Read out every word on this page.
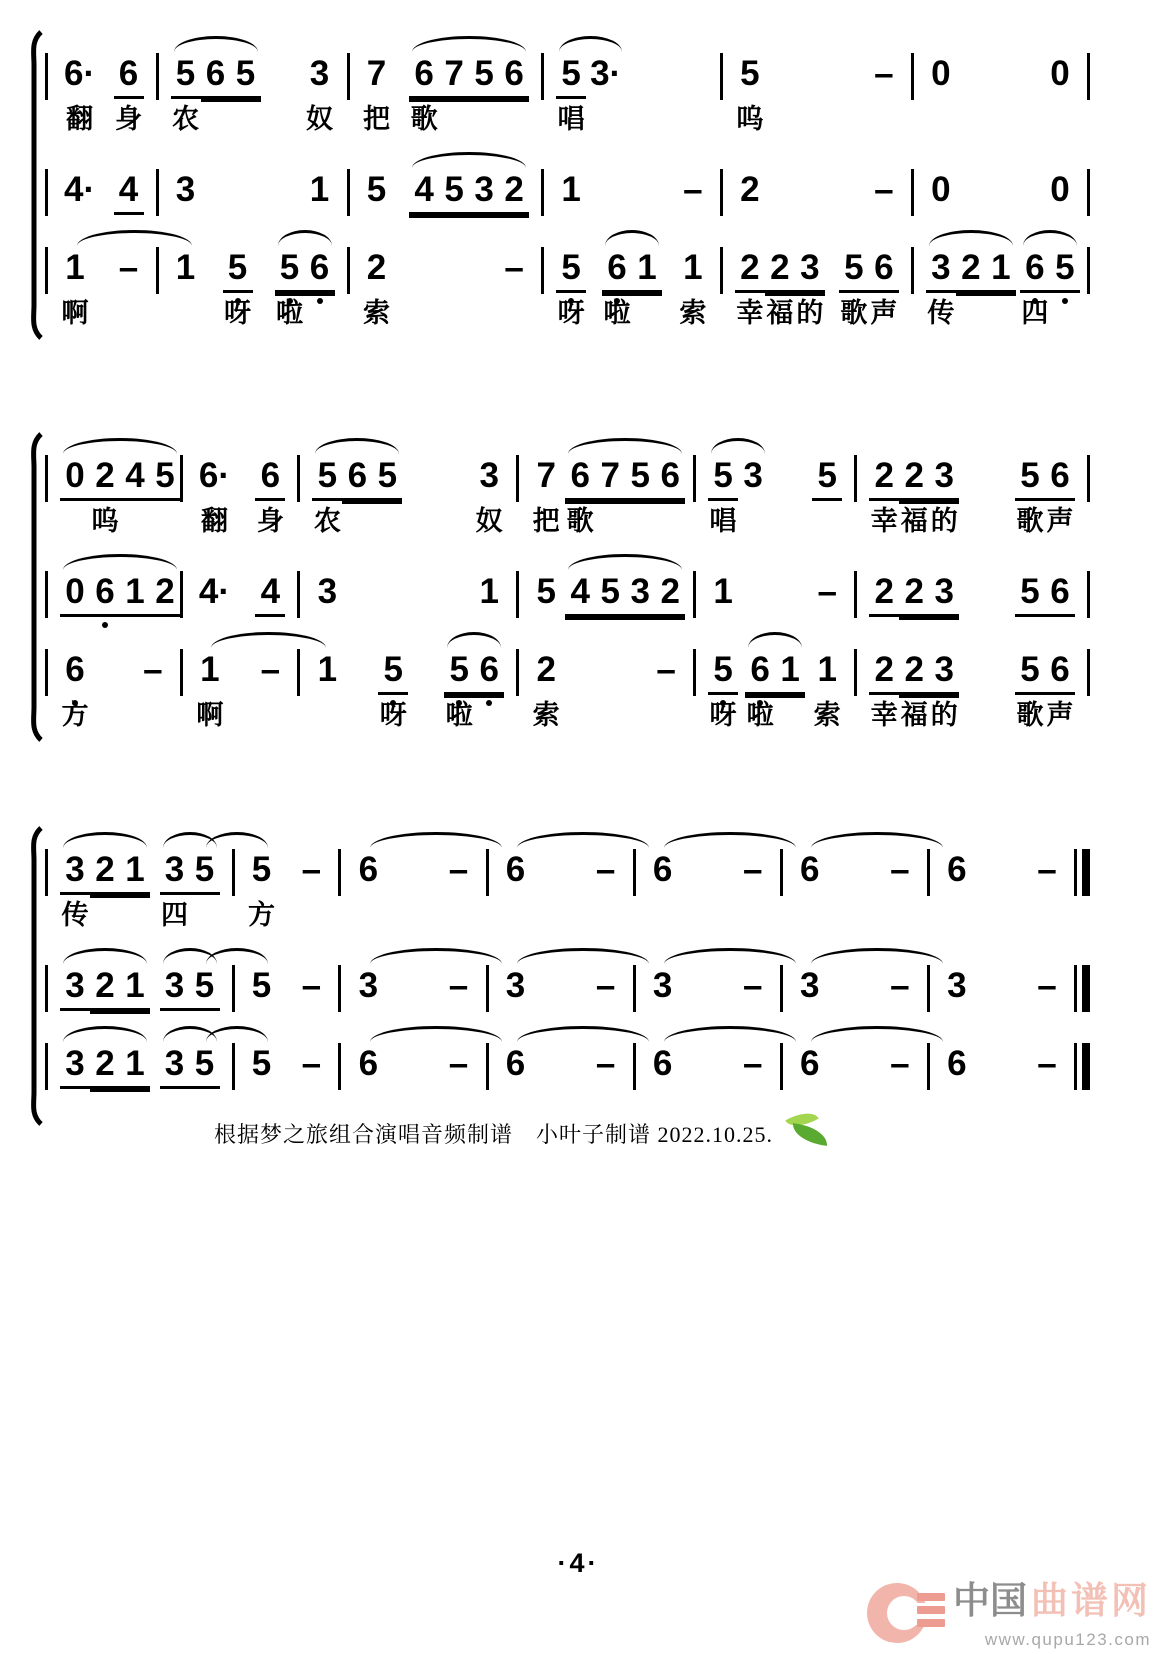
6·
翻
6
身
5
农
6 5 3
奴
7
把
6
歌
7 5 6 5
唱
3·	5
呜
– 0	0
4· 4 3	1 5 4 5 3 2 1	– 2	– 0	0
1
啊
– 1 5
呀
5
啦
6 2
索
– 5
呀
6
啦
1 1
索
2
幸
2
福
3
的
5
歌
6
声
3
传
2 1 6
四
5
0 2
呜
4 5 6·
翻
6
身
5
农
6 5 3
奴
7
把
6
歌
7 5 6 5
唱
3 5 2
幸
2
福
3
的
5
歌
6
声
0 6 1 2 4· 4 3	1 5 4 5 3 2 1 – 2 2 3 5 6
6
方
– 1
啊
– 1 5
呀
5
啦
6 2
索
– 5
呀
6
啦
1 1
索
2
幸
2
福
3
的
5
歌
6
声
3
传
2 1 3
四
5 5
方
– 6 – 6 – 6 – 6 – 6 –
3 2 1 3 5 5 – 3 – 3 – 3 – 3 – 3 –
3 2 1 3 5 5 – 6 – 6 – 6 – 6 – 6 –
根据梦之旅组合演唱音频制谱　小叶子制谱 2022.10.25.
·4·
中国 曲谱网
www.qupu123.com
